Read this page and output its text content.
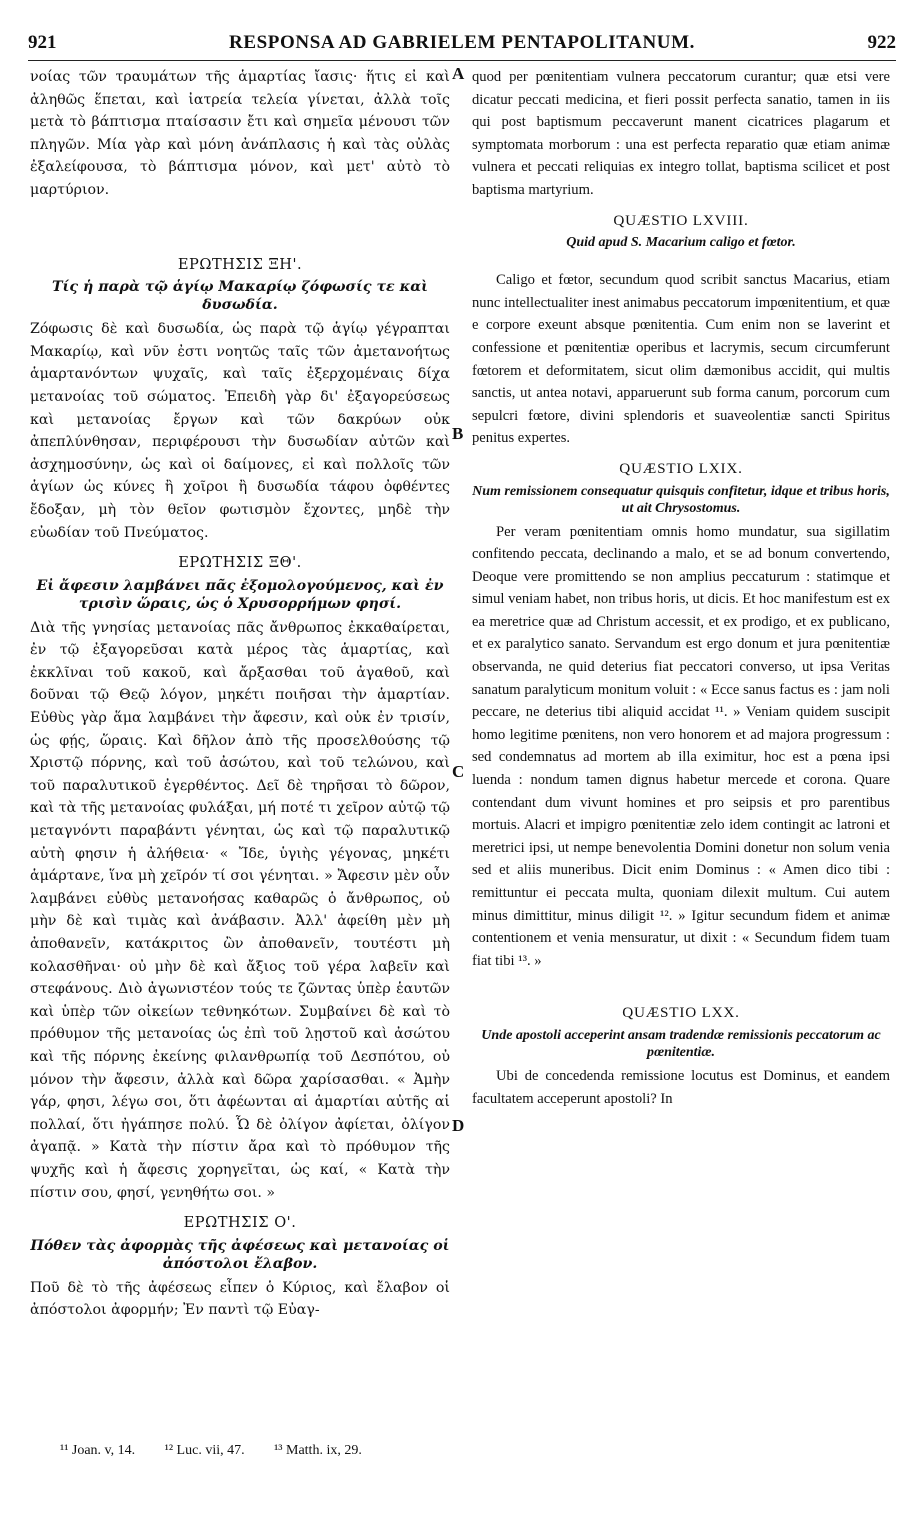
921	RESPONSA AD GABRIELEM PENTAPOLITANUM.	922
A
B
C
D

νοίας τῶν τραυμάτων τῆς ἁμαρτίας ἴασις· ἥτις εἰ καὶ ἀληθῶς ἕπεται, καὶ ἰατρεία τελεία γίνεται, ἀλλὰ τοῖς μετὰ τὸ βάπτισμα πταίσασιν ἔτι καὶ σημεῖα μένουσι τῶν πληγῶν. Μία γὰρ καὶ μόνη ἀνάπλασις ἡ καὶ τὰς οὐλὰς ἐξαλείφουσα, τὸ βάπτισμα μόνον, καὶ μετ' αὐτὸ τὸ μαρτύριον.

ΕΡΩΤΗΣΙΣ ΞΗ'.
Τίς ἡ παρὰ τῷ ἁγίῳ Μακαρίῳ ζόφωσίς τε καὶ δυσωδία.

Ζόφωσις δὲ καὶ δυσωδία, ὡς παρὰ τῷ ἁγίῳ γέγραπται Μακαρίῳ, καὶ νῦν ἐστι νοητῶς ταῖς τῶν ἀμετανοήτως ἁμαρτανόντων ψυχαῖς, καὶ ταῖς ἐξερχομέναις δίχα μετανοίας τοῦ σώματος. Ἐπειδὴ γὰρ δι' ἐξαγορεύσεως καὶ μετανοίας ἔργων καὶ τῶν δακρύων οὐκ ἀπεπλύνθησαν, περιφέρουσι τὴν δυσωδίαν αὐτῶν καὶ ἀσχημοσύνην, ὡς καὶ οἱ δαίμονες, εἰ καὶ πολλοῖς τῶν ἁγίων ὡς κύνες ἢ χοῖροι ἢ δυσωδία τάφου ὀφθέντες ἔδοξαν, μὴ τὸν θεῖον φωτισμὸν ἔχοντες, μηδὲ τὴν εὐωδίαν τοῦ Πνεύματος.

ΕΡΩΤΗΣΙΣ ΞΘ'.
Εἰ ἄφεσιν λαμβάνει πᾶς ἐξομολογούμενος, καὶ ἐν τρισὶν ὥραις, ὡς ὁ Χρυσορρήμων φησί.

Διὰ τῆς γνησίας μετανοίας πᾶς ἄνθρωπος ἐκκαθαίρεται, ἐν τῷ ἐξαγορεῦσαι κατὰ μέρος τὰς ἁμαρτίας, καὶ ἐκκλῖναι τοῦ κακοῦ, καὶ ἄρξασθαι τοῦ ἀγαθοῦ, καὶ δοῦναι τῷ Θεῷ λόγον, μηκέτι ποιῆσαι τὴν ἁμαρτίαν. Εὐθὺς γὰρ ἅμα λαμβάνει τὴν ἄφεσιν, καὶ οὐκ ἐν τρισίν, ὡς φῄς, ὥραις. Καὶ δῆλον ἀπὸ τῆς προσελθούσης τῷ Χριστῷ πόρνης, καὶ τοῦ ἀσώτου, καὶ τοῦ τελώνου, καὶ τοῦ παραλυτικοῦ ἐγερθέντος. Δεῖ δὲ τηρῆσαι τὸ δῶρον, καὶ τὰ τῆς μετανοίας φυλάξαι, μή ποτέ τι χεῖρον αὐτῷ τῷ μεταγνόντι παραβάντι γένηται, ὡς καὶ τῷ παραλυτικῷ αὐτὴ φησιν ἡ ἀλήθεια· « Ἴδε, ὑγιὴς γέγονας, μηκέτι ἁμάρτανε, ἵνα μὴ χεῖρόν τί σοι γένηται. » Ἄφεσιν μὲν οὖν λαμβάνει εὐθὺς μετανοήσας καθαρῶς ὁ ἄνθρωπος, οὐ μὴν δὲ καὶ τιμὰς καὶ ἀνάβασιν. Ἀλλ' ἀφείθη μὲν μὴ ἀποθανεῖν, κατάκριτος ὢν ἀποθανεῖν, τουτέστι μὴ κολασθῆναι· οὐ μὴν δὲ καὶ ἄξιος τοῦ γέρα λαβεῖν καὶ στεφάνους. Διὸ ἀγωνιστέον τούς τε ζῶντας ὑπὲρ ἑαυτῶν καὶ ὑπὲρ τῶν οἰκείων τεθνηκότων. Συμβαίνει δὲ καὶ τὸ πρόθυμον τῆς μετανοίας ὡς ἐπὶ τοῦ λῃστοῦ καὶ ἀσώτου καὶ τῆς πόρνης ἐκείνης φιλανθρωπίᾳ τοῦ Δεσπότου, οὐ μόνον τὴν ἄφεσιν, ἀλλὰ καὶ δῶρα χαρίσασθαι. « Ἀμὴν γάρ, φησι, λέγω σοι, ὅτι ἀφέωνται αἱ ἁμαρτίαι αὐτῆς αἱ πολλαί, ὅτι ἠγάπησε πολύ. Ὧ δὲ ὀλίγον ἀφίεται, ὀλίγον ἀγαπᾷ. » Κατὰ τὴν πίστιν ἄρα καὶ τὸ πρόθυμον τῆς ψυχῆς καὶ ἡ ἄφεσις χορηγεῖται, ὡς καί, « Κατὰ τὴν πίστιν σου, φησί, γενηθήτω σοι. »

ΕΡΩΤΗΣΙΣ Ο'.
Πόθεν τὰς ἀφορμὰς τῆς ἀφέσεως καὶ μετανοίας οἱ ἀπόστολοι ἔλαβον.

Ποῦ δὲ τὸ τῆς ἀφέσεως εἶπεν ὁ Κύριος, καὶ ἔλαβον οἱ ἀπόστολοι ἀφορμήν; Ἐν παντὶ τῷ Εὐαγ-

quod per pœnitentiam vulnera peccatorum curantur; quæ etsi vere dicatur peccati medicina, et fieri possit perfecta sanatio, tamen in iis qui post baptismum peccaverunt manent cicatrices plagarum et symptomata morborum : una est perfecta reparatio quæ etiam animæ vulnera et peccati reliquias ex integro tollat, baptisma scilicet et post baptisma martyrium.

QUÆSTIO LXVIII.
Quid apud S. Macarium caligo et fœtor.

Caligo et fœtor, secundum quod scribit sanctus Macarius, etiam nunc intellectualiter inest animabus peccatorum impœnitentium, et quæ e corpore exeunt absque pœnitentia. Cum enim non se laverint et confessione et pœnitentiæ operibus et lacrymis, secum circumferunt fœtorem et deformitatem, sicut olim dæmonibus accidit, qui multis sanctis, ut antea notavi, apparuerunt sub forma canum, porcorum cum sepulcri fœtore, divini splendoris et suaveolentiæ sancti Spiritus penitus expertes.

QUÆSTIO LXIX.
Num remissionem consequatur quisquis confitetur, idque et tribus horis, ut ait Chrysostomus.

Per veram pœnitentiam omnis homo mundatur, sua sigillatim confitendo peccata, declinando a malo, et se ad bonum convertendo, Deoque vere promittendo se non amplius peccaturum : statimque et simul veniam habet, non tribus horis, ut dicis. Et hoc manifestum est ex ea meretrice quæ ad Christum accessit, et ex prodigo, et ex publicano, et ex paralytico sanato. Servandum est ergo donum et jura pœnitentiæ observanda, ne quid deterius fiat peccatori converso, ut ipsa Veritas sanatum paralyticum monitum voluit : « Ecce sanus factus es : jam noli peccare, ne deterius tibi aliquid accidat ¹¹. » Veniam quidem suscipit homo legitime pœnitens, non vero honorem et ad majora progressum : sed condemnatus ad mortem ab illa eximitur, hoc est a pœna ipsi luenda : nondum tamen dignus habetur mercede et corona. Quare contendant dum vivunt homines et pro seipsis et pro parentibus mortuis. Alacri et impigro pœnitentiæ zelo idem contingit ac latroni et meretrici ipsi, ut nempe benevolentia Domini donetur non solum venia sed et aliis muneribus. Dicit enim Dominus : « Amen dico tibi : remittuntur ei peccata multa, quoniam dilexit multum. Cui autem minus dimittitur, minus diligit ¹². » Igitur secundum fidem et animæ contentionem et venia mensuratur, ut dixit : « Secundum fidem tuam fiat tibi ¹³. »

QUÆSTIO LXX.
Unde apostoli acceperint ansam tradendæ remissionis peccatorum ac pœnitentiæ.

Ubi de concedenda remissione locutus est Dominus, et eandem facultatem acceperunt apostoli? In

¹¹ Joan. v, 14. ¹² Luc. vii, 47. ¹³ Matth. ix, 29.
